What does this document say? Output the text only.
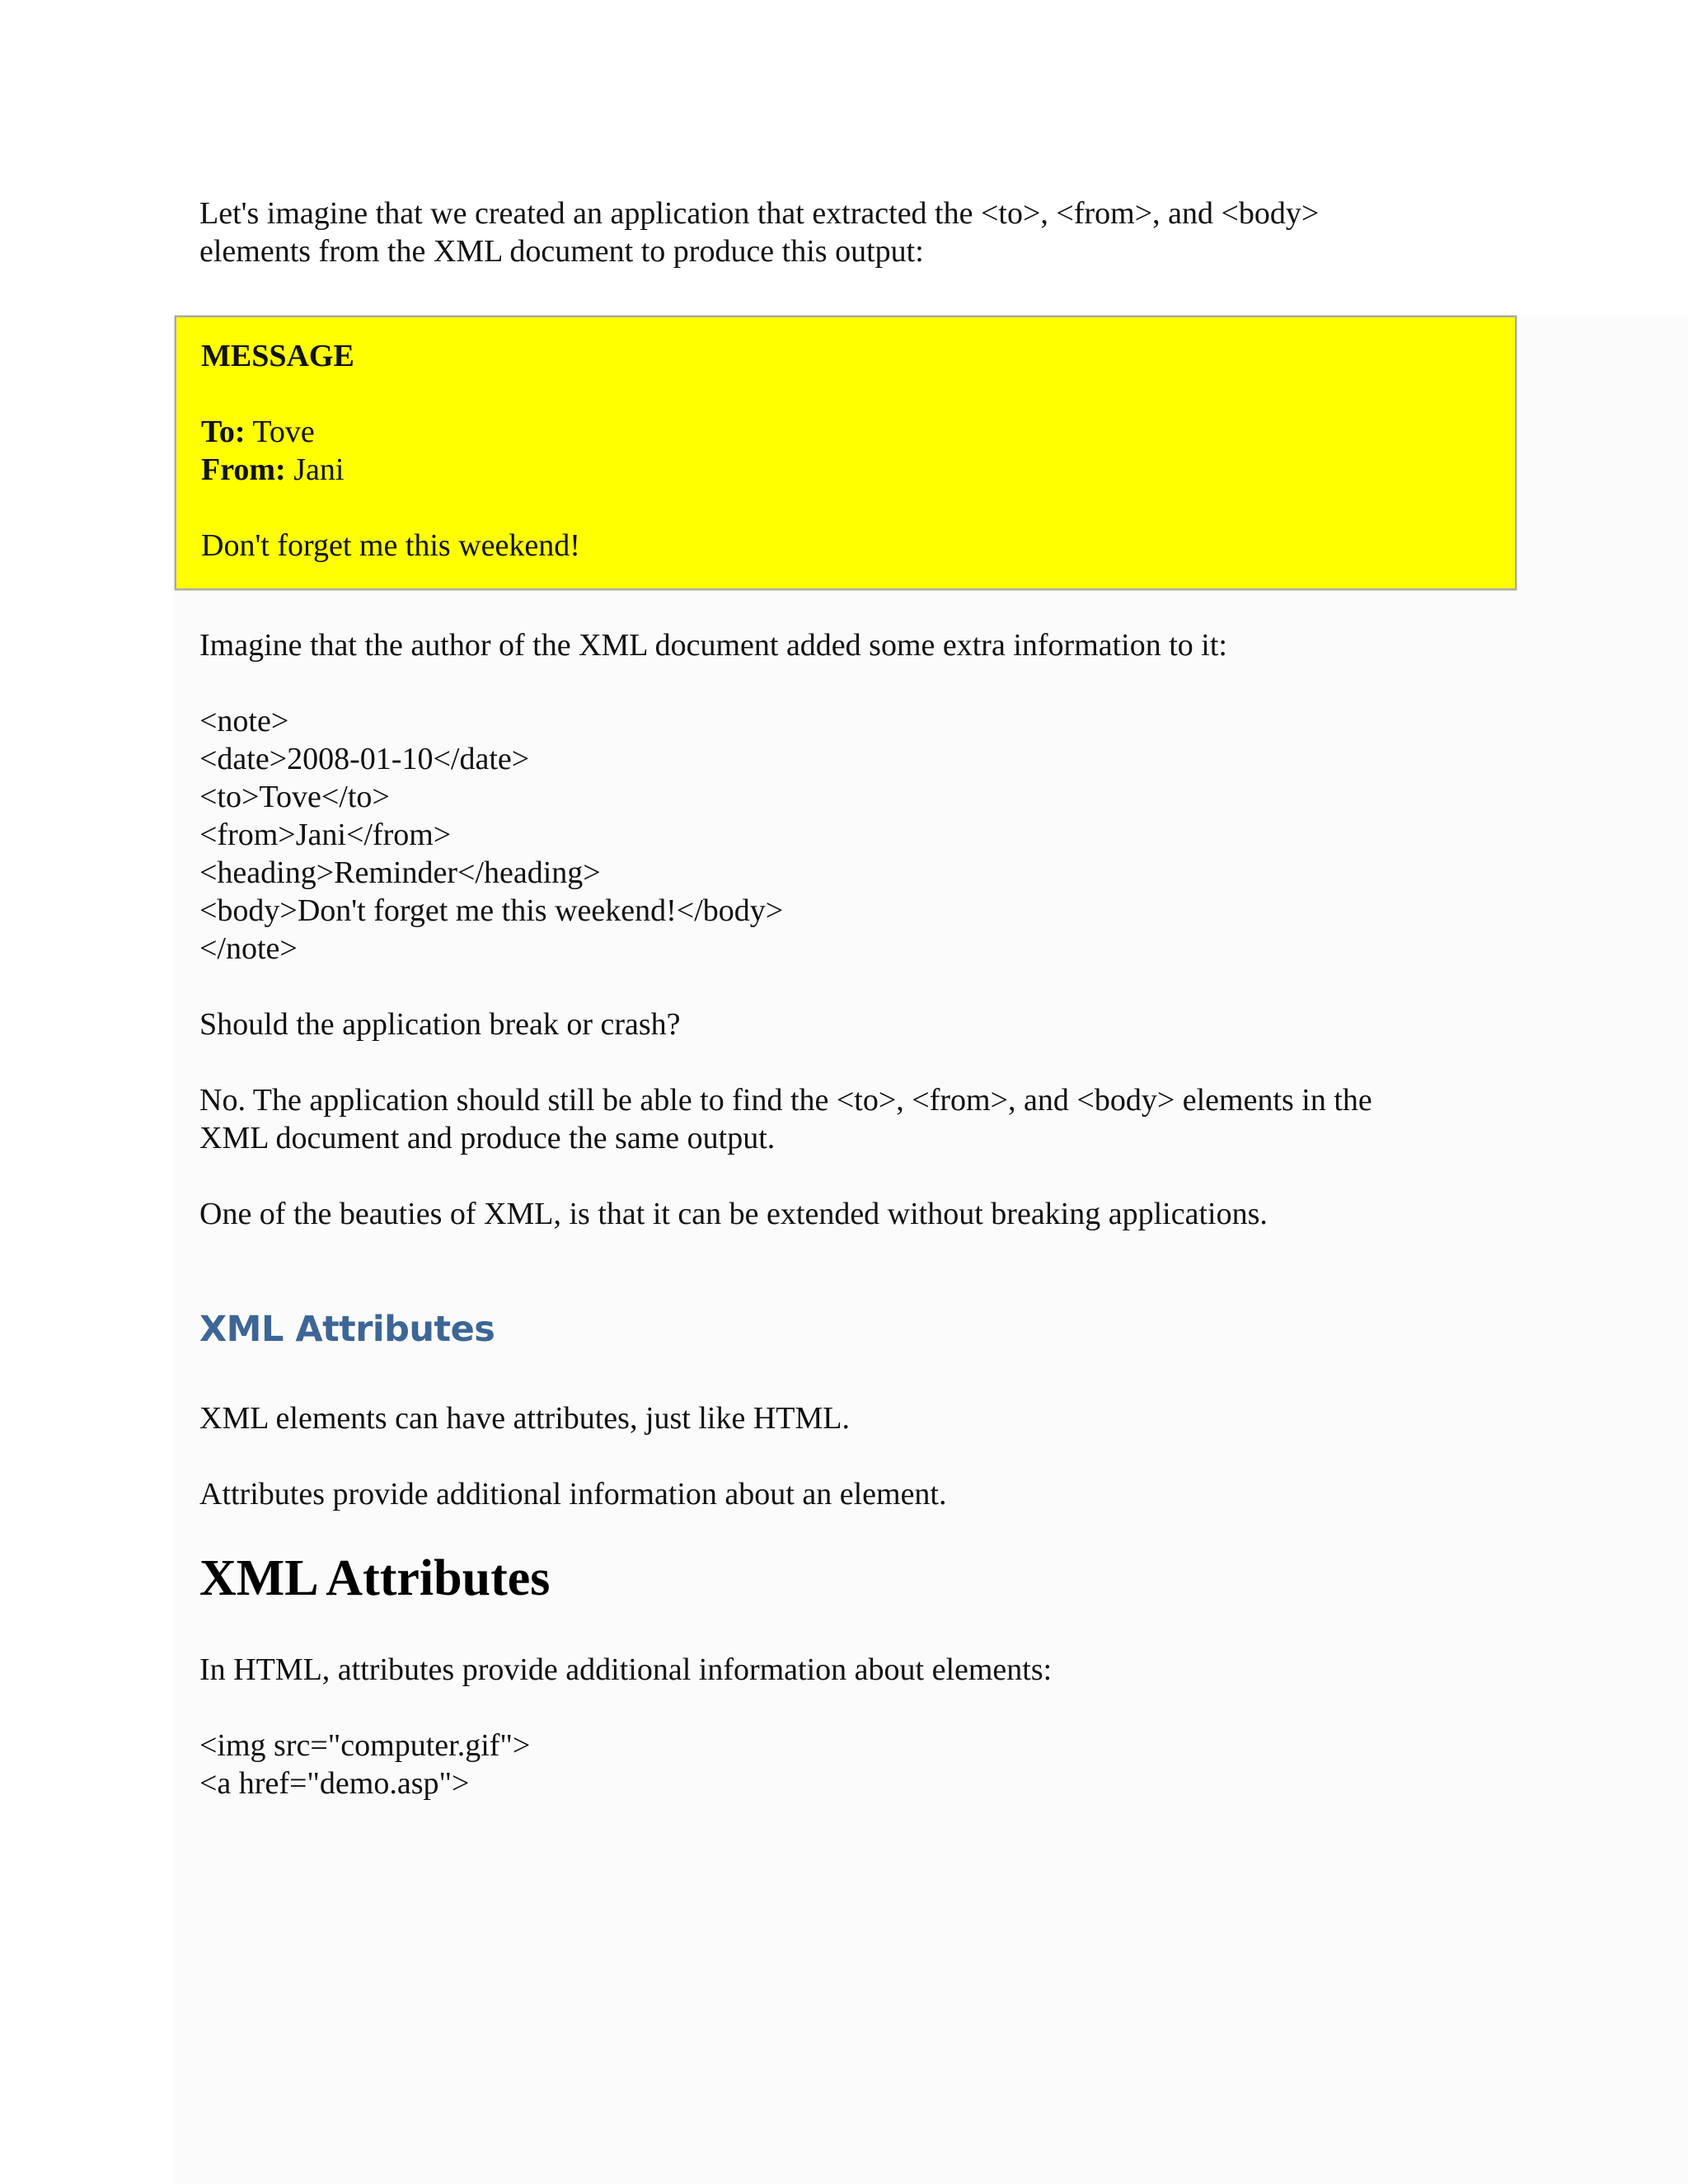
Let's imagine that we created an application that extracted the <to>, <from>, and <body>

elements from the XML document to produce this output:

MESSAGE

To: Tove

From: Jani

Don't forget me this weekend!

Imagine that the author of the XML document added some extra information to it:

<note>

<date>2008-01-10</date>

<to>Tove</to>

<from>Jani</from>

<heading>Reminder</heading>

<body>Don't forget me this weekend!</body>

</note>

Should the application break or crash?

No. The application should still be able to find the <to>, <from>, and <body> elements in the

XML document and produce the same output.

One of the beauties of XML, is that it can be extended without breaking applications.

XML Attributes

XML elements can have attributes, just like HTML.

Attributes provide additional information about an element.

XML Attributes

In HTML, attributes provide additional information about elements:

<img src="computer.gif">

<a href="demo.asp">
